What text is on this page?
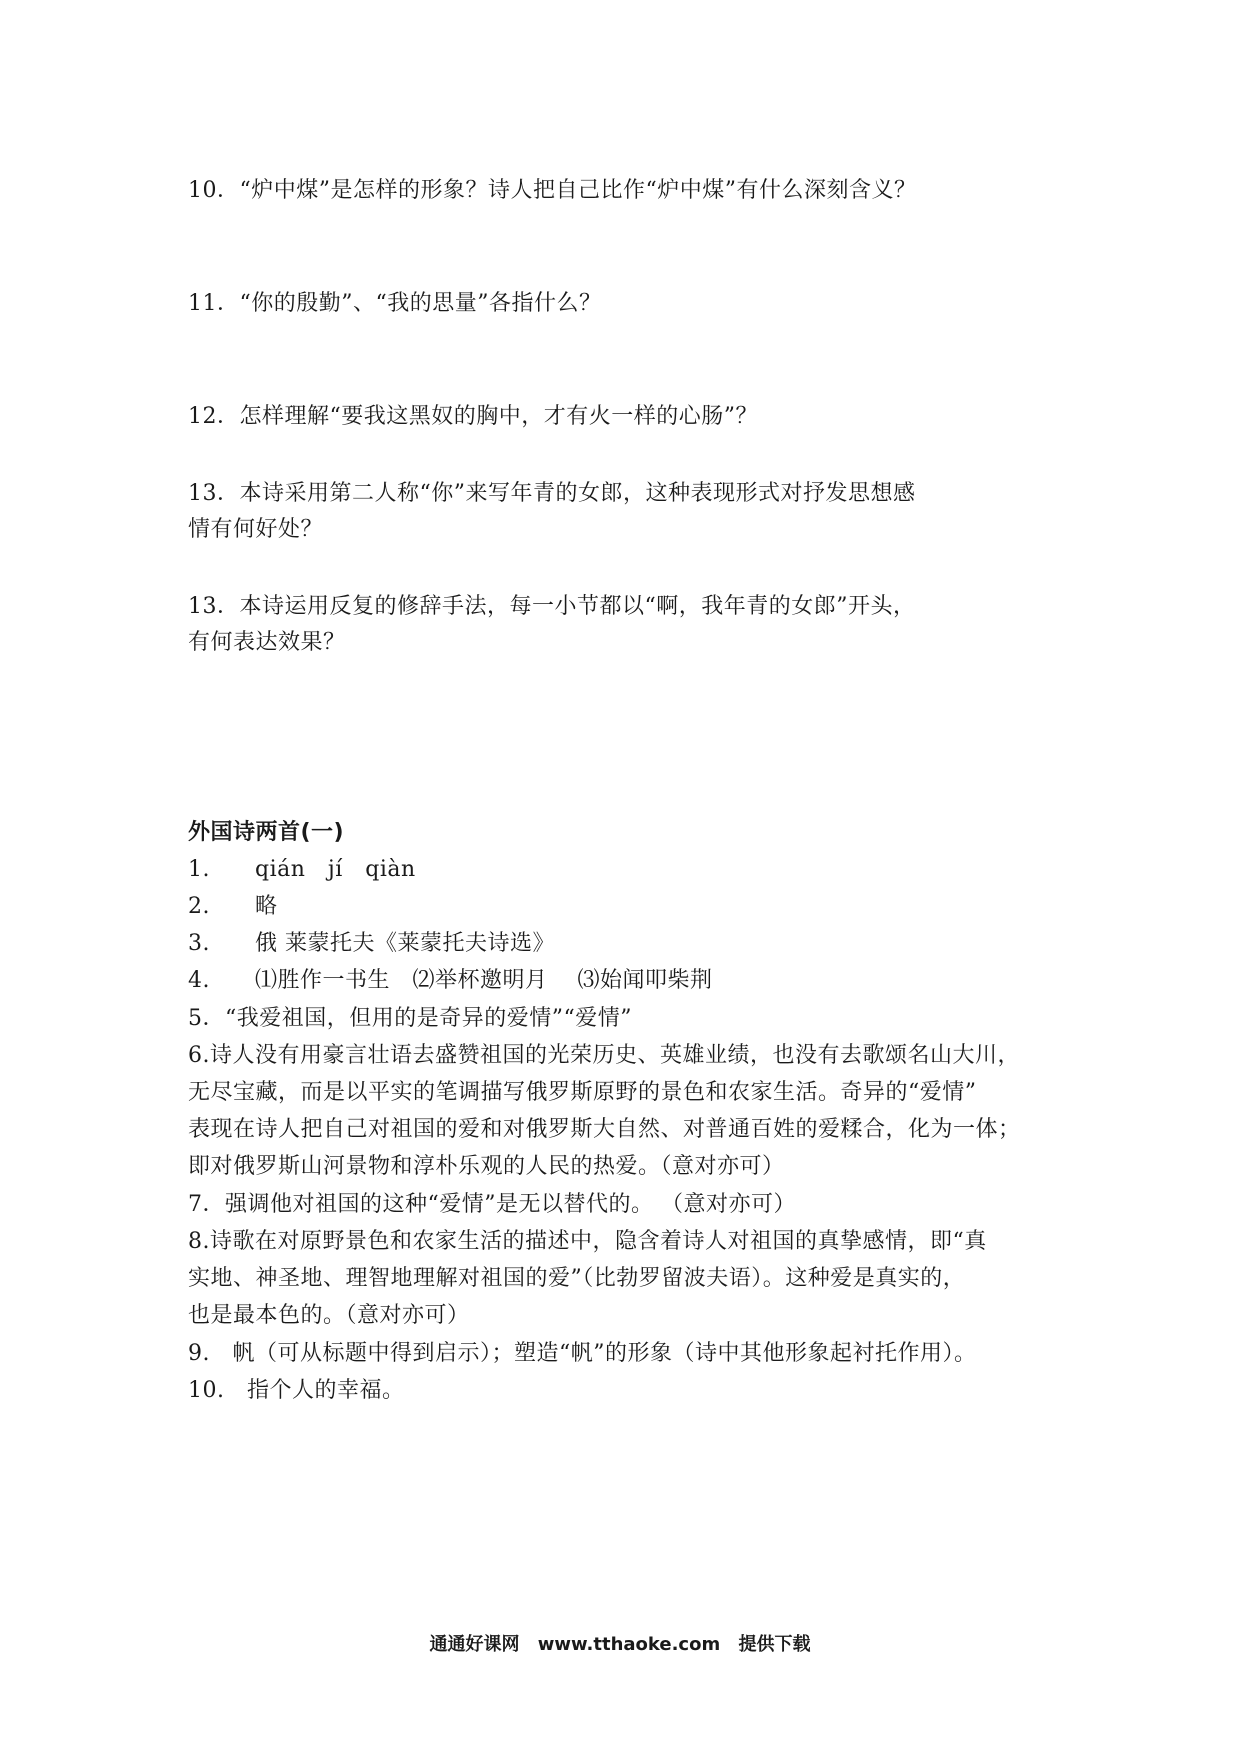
10．“炉中煤”是怎样的形象？诗人把自己比作“炉中煤”有什么深刻含义？
11．“你的殷勤”、“我的思量”各指什么？
12．怎样理解“要我这黑奴的胸中，才有火一样的心肠”？
13．本诗采用第二人称“你”来写年青的女郎，这种表现形式对抒发思想感
情有何好处？
13．本诗运用反复的修辞手法，每一小节都以“啊，我年青的女郎”开头，
有何表达效果？
外国诗两首(一)
1.　　qián　jí　qiàn
2.　　略
3.　　俄 莱蒙托夫《莱蒙托夫诗选》
4.　　⑴胜作一书生　⑵举杯邀明月　 ⑶始闻叩柴荆
5．“我爱祖国，但用的是奇异的爱情”“爱情”
6.诗人没有用豪言壮语去盛赞祖国的光荣历史、英雄业绩，也没有去歌颂名山大川，
无尽宝藏，而是以平实的笔调描写俄罗斯原野的景色和农家生活。奇异的“爱情”
表现在诗人把自己对祖国的爱和对俄罗斯大自然、对普通百姓的爱糅合，化为一体；
即对俄罗斯山河景物和淳朴乐观的人民的热爱。（意对亦可）
7．强调他对祖国的这种“爱情”是无以替代的。 （意对亦可）
8.诗歌在对原野景色和农家生活的描述中，隐含着诗人对祖国的真挚感情，即“真
实地、神圣地、理智地理解对祖国的爱”（比勃罗留波夫语）。这种爱是真实的，
也是最本色的。（意对亦可）
9.　帆（可从标题中得到启示）；塑造“帆”的形象（诗中其他形象起衬托作用）。
10.　指个人的幸福。
通通好课网 www.tthaoke.com 提供下载
